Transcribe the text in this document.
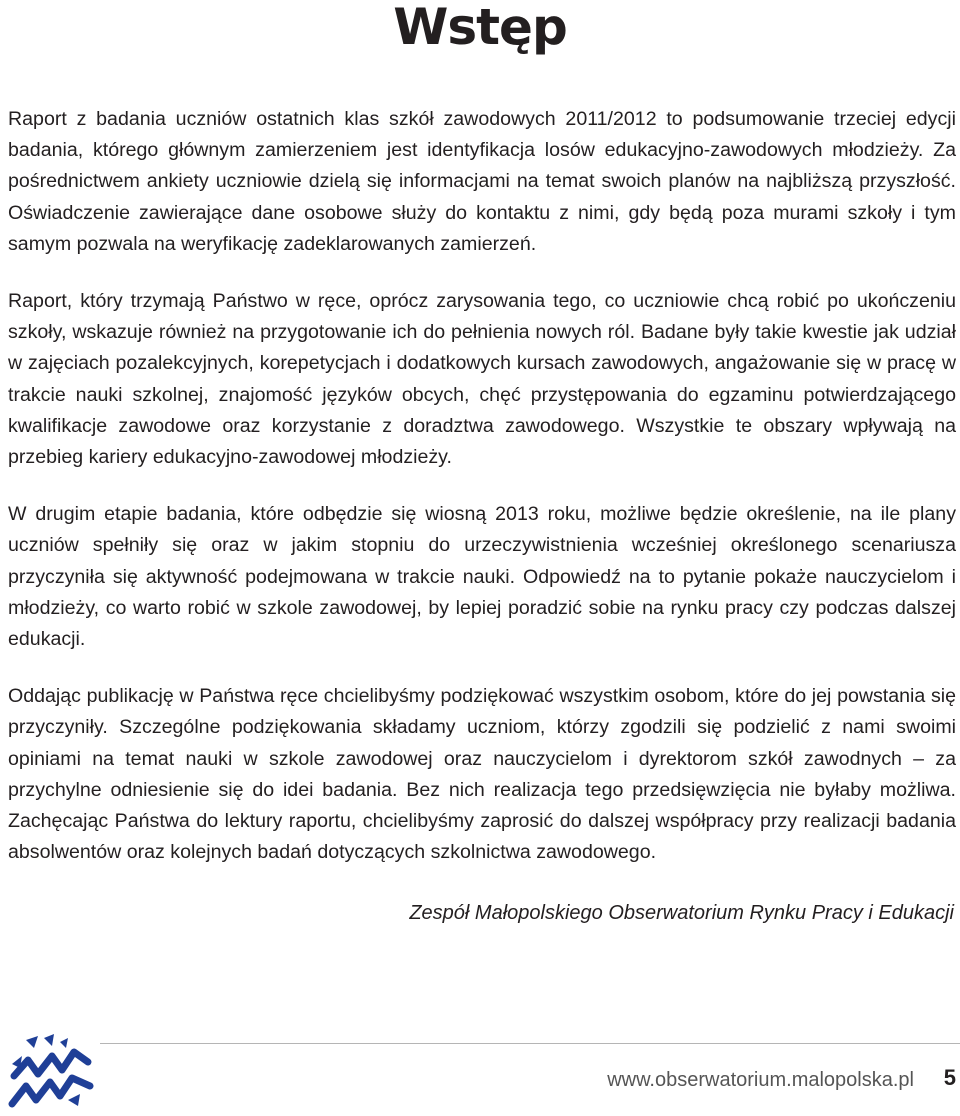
Wstęp

Raport z badania uczniów ostatnich klas szkół zawodowych 2011/2012 to podsumowanie trzeciej edycji badania, którego głównym zamierzeniem jest identyfikacja losów edukacyjno-zawodowych młodzieży. Za pośrednictwem ankiety uczniowie dzielą się informacjami na temat swoich planów na najbliższą przyszłość. Oświadczenie zawierające dane osobowe służy do kontaktu z nimi, gdy będą poza murami szkoły i tym samym pozwala na weryfikację zadeklarowanych zamierzeń.

Raport, który trzymają Państwo w ręce, oprócz zarysowania tego, co uczniowie chcą robić po ukończeniu szkoły, wskazuje również na przygotowanie ich do pełnienia nowych ról. Badane były takie kwestie jak udział w zajęciach pozalekcyjnych, korepetycjach i dodatkowych kursach zawodowych, angażowanie się w pracę w trakcie nauki szkolnej, znajomość języków obcych, chęć przystępowania do egzaminu potwierdzającego kwalifikacje zawodowe oraz korzystanie z doradztwa zawodowego. Wszystkie te obszary wpływają na przebieg kariery edukacyjno-zawodowej młodzieży.

W drugim etapie badania, które odbędzie się wiosną 2013 roku, możliwe będzie określenie, na ile plany uczniów spełniły się oraz w jakim stopniu do urzeczywistnienia wcześniej określonego scenariusza przyczyniła się aktywność podejmowana w trakcie nauki. Odpowiedź na to pytanie pokaże nauczycielom i młodzieży, co warto robić w szkole zawodowej, by lepiej poradzić sobie na rynku pracy czy podczas dalszej edukacji.

Oddając publikację w Państwa ręce chcielibyśmy podziękować wszystkim osobom, które do jej powstania się przyczyniły. Szczególne podziękowania składamy uczniom, którzy zgodzili się podzielić z nami swoimi opiniami na temat nauki w szkole zawodowej oraz nauczycielom i dyrektorom szkół zawodnych – za przychylne odniesienie się do idei badania. Bez nich realizacja tego przedsięwzięcia nie byłaby możliwa. Zachęcając Państwa do lektury raportu, chcielibyśmy zaprosić do dalszej współpracy przy realizacji badania absolwentów oraz kolejnych badań dotyczących szkolnictwa zawodowego.

Zespół Małopolskiego Obserwatorium Rynku Pracy i Edukacji

www.obserwatorium.malopolska.pl 5
